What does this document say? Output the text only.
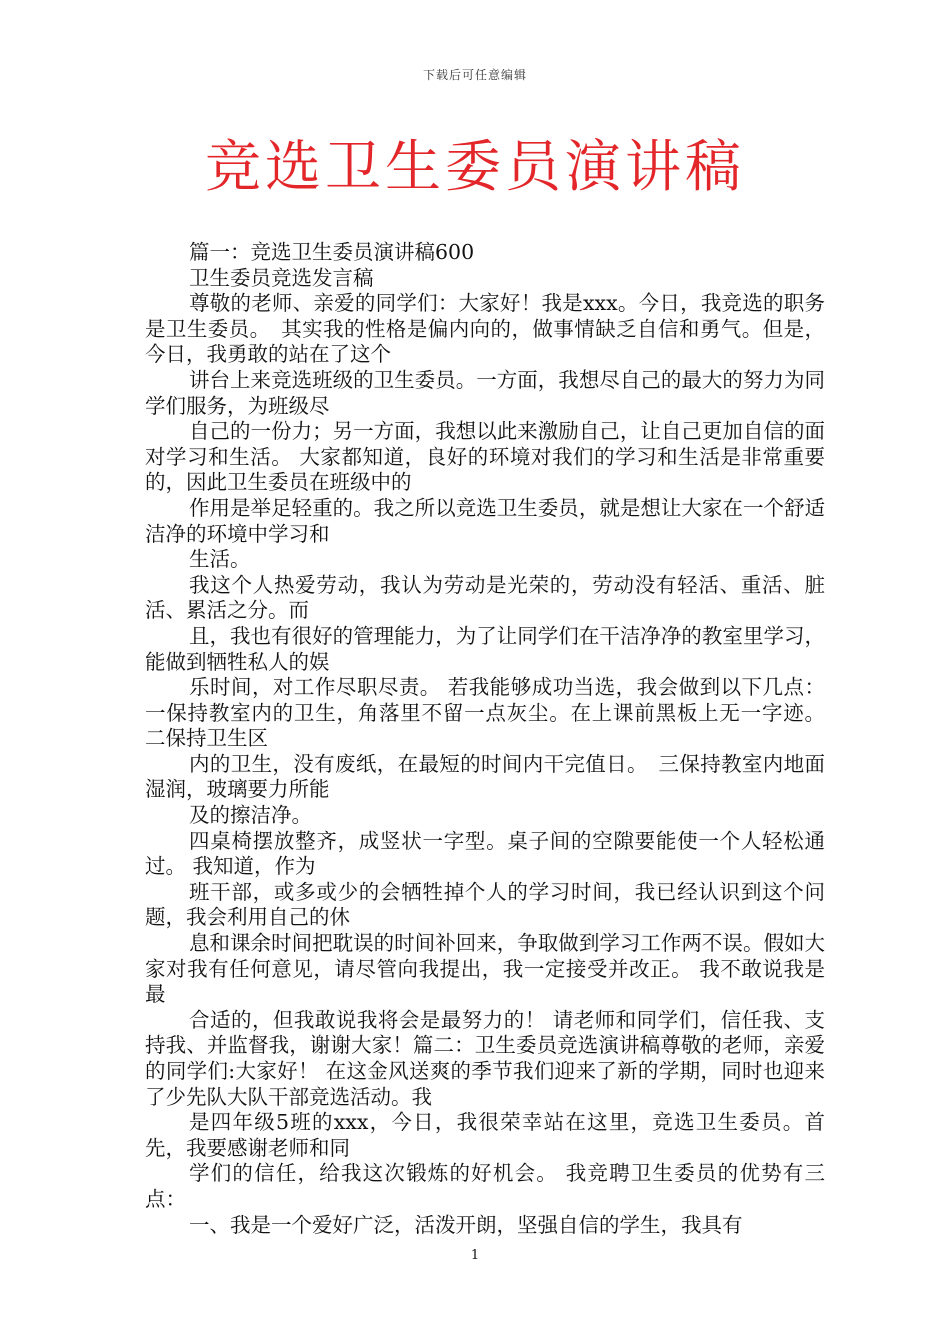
下载后可任意编辑
竞选卫生委员演讲稿

篇一：竞选卫生委员演讲稿600

卫生委员竞选发言稿

尊敬的老师、亲爱的同学们：大家好！我是xxx。今日，我竞选的职务是卫生委员。　其实我的性格是偏内向的，做事情缺乏自信和勇气。但是，今日，我勇敢的站在了这个

讲台上来竞选班级的卫生委员。一方面，我想尽自己的最大的努力为同学们服务，为班级尽

自己的一份力；另一方面，我想以此来激励自己，让自己更加自信的面对学习和生活。 大家都知道，良好的环境对我们的学习和生活是非常重要的，因此卫生委员在班级中的

作用是举足轻重的。我之所以竞选卫生委员，就是想让大家在一个舒适洁净的环境中学习和

生活。

我这个人热爱劳动，我认为劳动是光荣的，劳动没有轻活、重活、脏活、累活之分。而

且，我也有很好的管理能力，为了让同学们在干洁净净的教室里学习，能做到牺牲私人的娱

乐时间，对工作尽职尽责。 若我能够成功当选，我会做到以下几点： 一保持教室内的卫生，角落里不留一点灰尘。在上课前黑板上无一字迹。 二保持卫生区

内的卫生，没有废纸，在最短的时间内干完值日。　三保持教室内地面湿润，玻璃要力所能

及的擦洁净。

四桌椅摆放整齐，成竖状一字型。桌子间的空隙要能使一个人轻松通过。 我知道，作为

班干部，或多或少的会牺牲掉个人的学习时间，我已经认识到这个问题，我会利用自己的休

息和课余时间把耽误的时间补回来，争取做到学习工作两不误。假如大家对我有任何意见，请尽管向我提出，我一定接受并改正。 我不敢说我是最

合适的，但我敢说我将会是最努力的！ 请老师和同学们，信任我、支持我、并监督我，谢谢大家！篇二：卫生委员竞选演讲稿尊敬的老师，亲爱的同学们:大家好！ 在这金风送爽的季节我们迎来了新的学期，同时也迎来了少先队大队干部竞选活动。我

是四年级5班的xxx，今日，我很荣幸站在这里，竞选卫生委员。首先，我要感谢老师和同

学们的信任，给我这次锻炼的好机会。 我竞聘卫生委员的优势有三点：

一、我是一个爱好广泛，活泼开朗，坚强自信的学生，我具有

1
